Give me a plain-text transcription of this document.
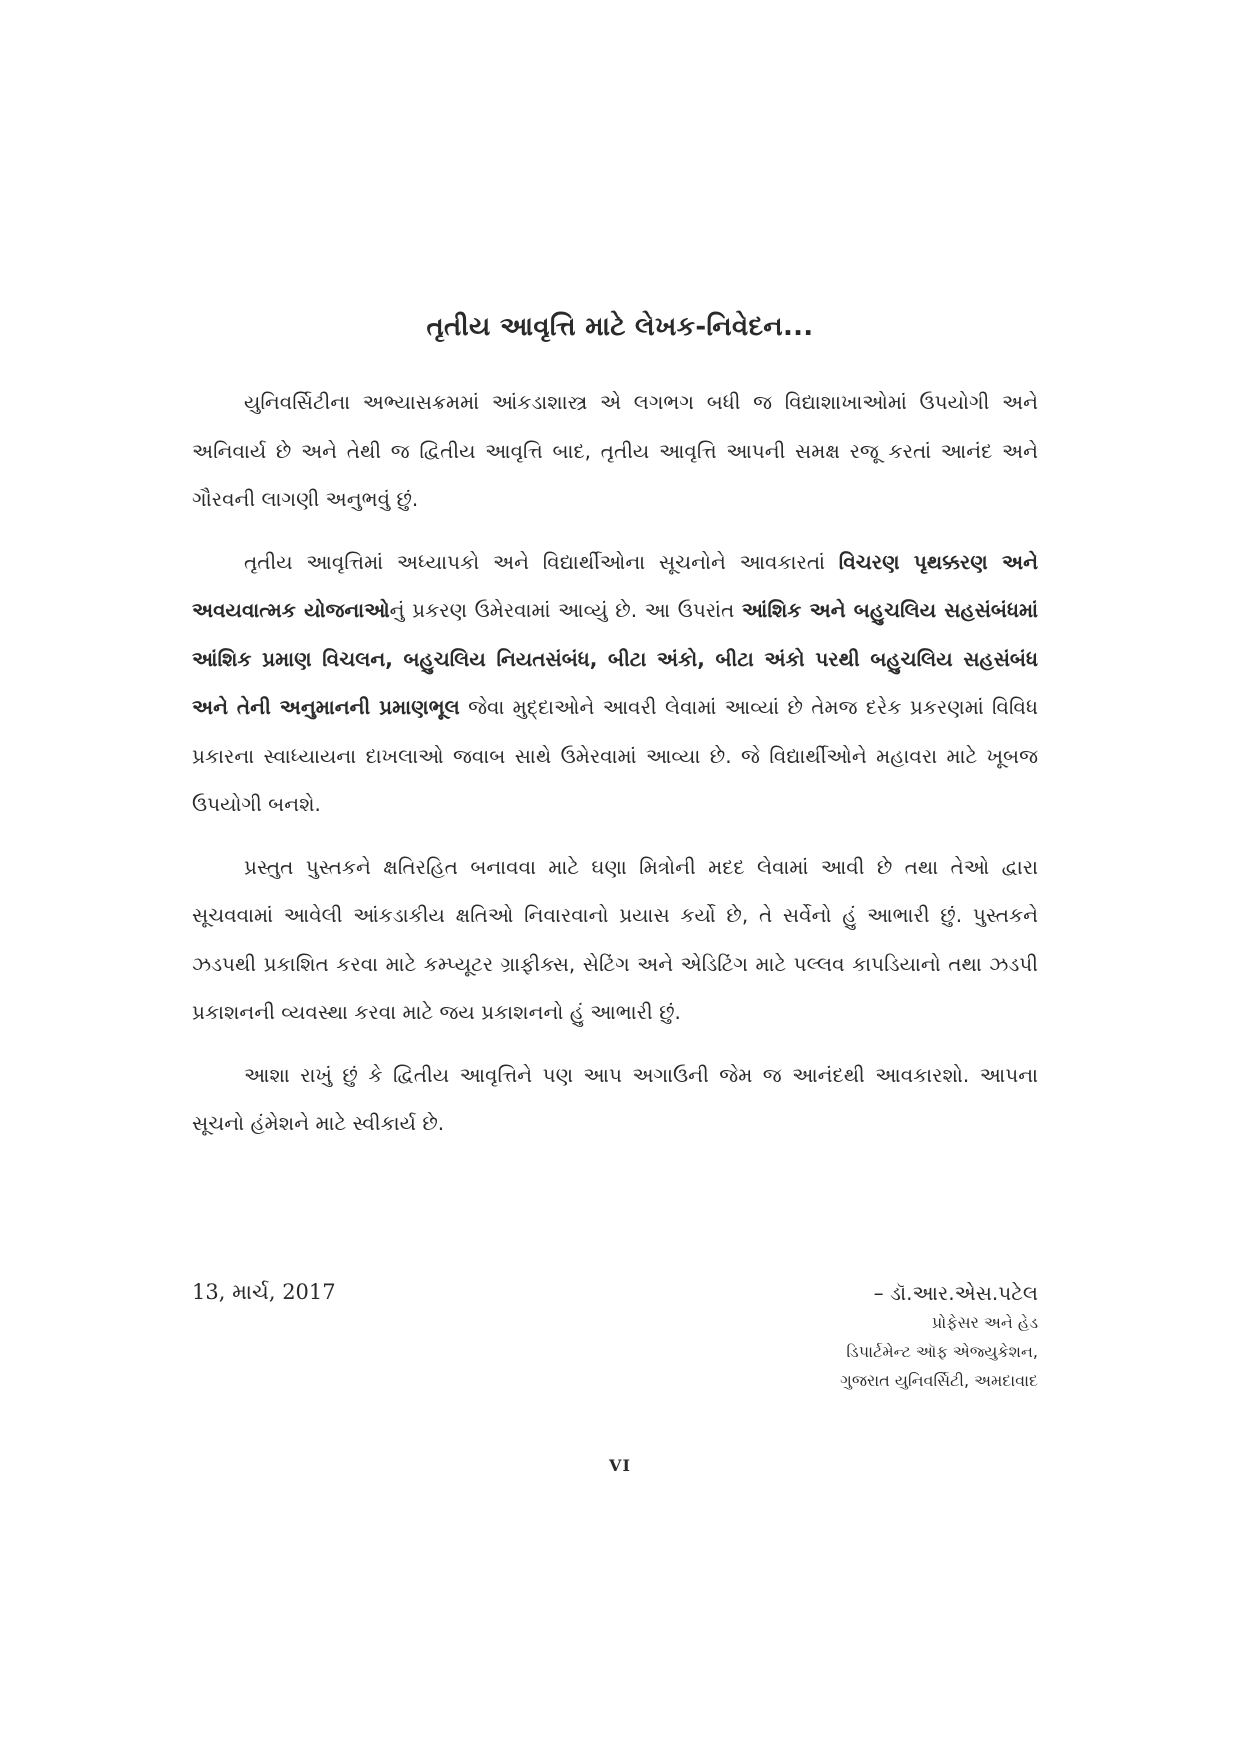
તૃતીય આવૃત્તિ માટે લેખક-નિવેદન...

યુનિવર્સિટીના અભ્યાસક્રમમાં આંકડાશાસ્ત્ર એ લગભગ બધી જ વિદ્યાશાખાઓમાં ઉપયોગી અને અનિવાર્ય છે અને તેથી જ દ્વિતીય આવૃત્તિ બાદ, તૃતીય આવૃત્તિ આપની સમક્ષ રજૂ કરતાં આનંદ અને ગૌરવની લાગણી અનુભવું છું.

તૃતીય આવૃત્તિમાં અધ્યાપકો અને વિદ્યાર્થીઓના સૂચનોને આવકારતાં વિચરણ પૃથક્કરણ અને અવયવાત્મક યોજનાઓનું પ્રકરણ ઉમેરવામાં આવ્યું છે. આ ઉપરાંત આંશિક અને બહુચલિય સહસંબંધમાં આંશિક પ્રમાણ વિચલન, બહુચલિય નિયતસંબંધ, બીટા અંકો, બીટા અંકો પરથી બહુચલિય સહસંબંધ અને તેની અનુમાનની પ્રમાણભૂલ જેવા મુદ્દાઓને આવરી લેવામાં આવ્યાં છે તેમજ દરેક પ્રકરણમાં વિવિધ પ્રકારના સ્વાધ્યાયના દાખલાઓ જવાબ સાથે ઉમેરવામાં આવ્યા છે. જે વિદ્યાર્થીઓને મહાવરા માટે ખૂબજ ઉપયોગી બનશે.

પ્રસ્તુત પુસ્તકને ક્ષતિરહિત બનાવવા માટે ઘણા મિત્રોની મદદ લેવામાં આવી છે તથા તેઓ દ્વારા સૂચવવામાં આવેલી આંકડાકીય ક્ષતિઓ નિવારવાનો પ્રયાસ કર્યો છે, તે સર્વેનો હું આભારી છું. પુસ્તકને ઝડપથી પ્રકાશિત કરવા માટે કમ્પ્યૂટર ગ્રાફીક્સ, સેટિંગ અને એડિટિંગ માટે પલ્લવ કાપડિયાનો તથા ઝડપી પ્રકાશનની વ્યવસ્થા કરવા માટે જય પ્રકાશનનો હું આભારી છું.

આશા રાખું છું કે દ્વિતીય આવૃત્તિને પણ આપ અગાઉની જેમ જ આનંદથી આવકારશો. આપના સૂચનો હંમેશને માટે સ્વીકાર્ય છે.

13, માર્ચ, 2017	– ડૉ.આર.એસ.પટેલ
પ્રોફેસર અને હેડ
ડિપાર્ટમેન્ટ ઑફ એજ્યુકેશન,
ગુજરાત યુનિવર્સિટી, અમદાવાદ
VI
